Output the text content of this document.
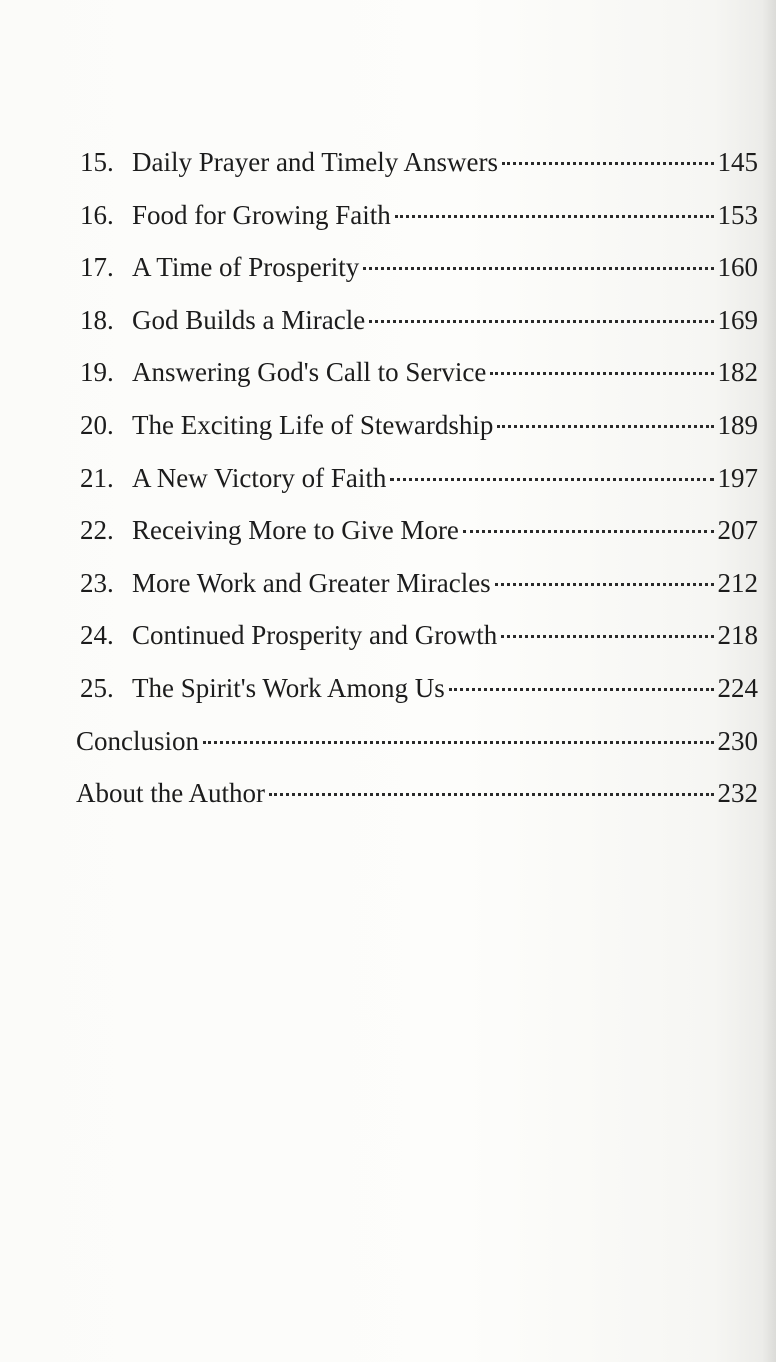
15. Daily Prayer and Timely Answers	145
16. Food for Growing Faith	153
17. A Time of Prosperity	160
18. God Builds a Miracle	169
19. Answering God's Call to Service	182
20. The Exciting Life of Stewardship	189
21. A New Victory of Faith	197
22. Receiving More to Give More	207
23. More Work and Greater Miracles	212
24. Continued Prosperity and Growth	218
25. The Spirit's Work Among Us	224
Conclusion	230
About the Author	232
